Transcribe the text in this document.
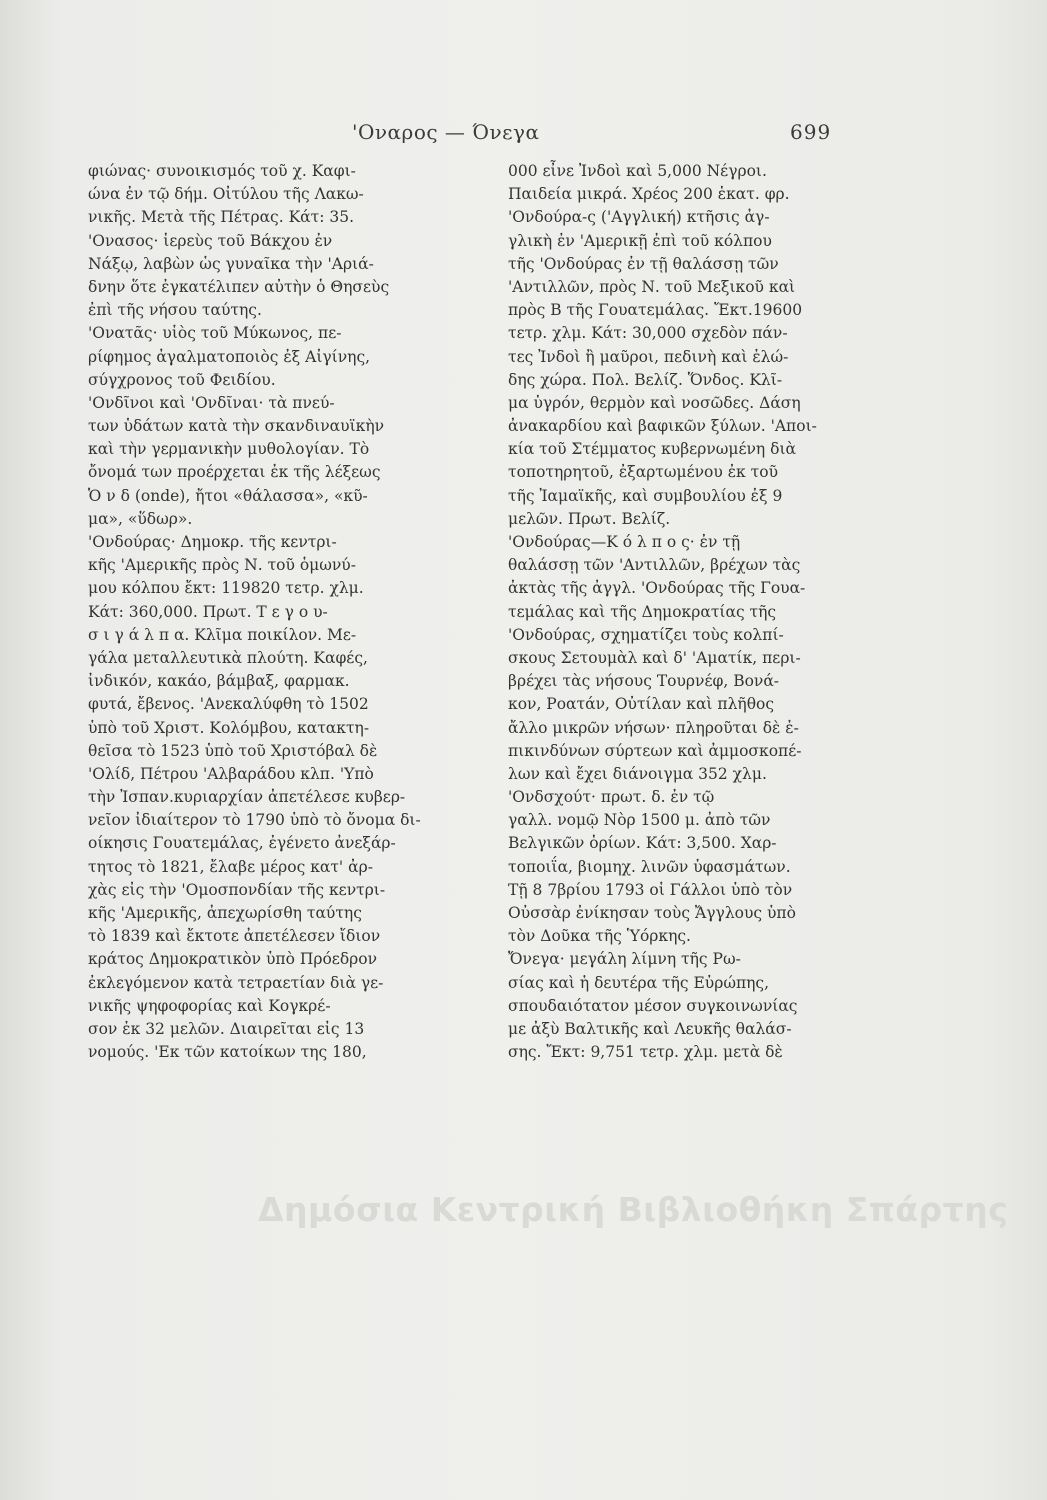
'Οναρος — Όνεγα	699
φιώνας· συνοικισμός τοῦ χ. Καφι-
ώνα ἐν τῷ δήμ. Οἰτύλου τῆς Λακω-
νικῆς. Μετὰ τῆς Πέτρας. Κάτ: 35.
'Ονασος· ἱερεὺς τοῦ Βάκχου ἐν
Νάξῳ, λαβὼν ὡς γυναῖκα τὴν 'Αριά-
δνην ὅτε ἐγκατέλιπεν αὐτὴν ὁ Θησεὺς
ἐπὶ τῆς νήσου ταύτης.
'Ονατᾶς· υἱὸς τοῦ Μύκωνος, πε-
ρίφημος ἀγαλματοποιὸς ἐξ Αἰγίνης,
σύγχρονος τοῦ Φειδίου.
'Ονδῖνοι καὶ 'Ονδῖναι· τὰ πνεύ-
των ὑδάτων κατὰ τὴν σκανδιναυϊκὴν
καὶ τὴν γερμανικὴν μυθολογίαν. Τὸ
ὄνομά των προέρχεται ἐκ τῆς λέξεως
Ὁ ν δ (onde), ἤτοι «θάλασσα», «κῦ-
μα», «ὕδωρ».
'Ονδούρας· Δημοκρ. τῆς κεντρι-
κῆς 'Αμερικῆς πρὸς Ν. τοῦ ὁμωνύ-
μου κόλπου ἔκτ: 119820 τετρ. χλμ.
Κάτ: 360,000. Πρωτ. Τ ε γ ο υ-
σ ι γ ά λ π α. Κλῖμα ποικίλον. Με-
γάλα μεταλλευτικὰ πλούτη. Καφές,
ἰνδικόν, κακάο, βάμβαξ, φαρμακ.
φυτά, ἔβενος. 'Ανεκαλύφθη τὸ 1502
ὑπὸ τοῦ Χριστ. Κολόμβου, κατακτη-
θεῖσα τὸ 1523 ὑπὸ τοῦ Χριστόβαλ δὲ
'Ολίδ, Πέτρου 'Αλβαράδου κλπ. 'Υπὸ
τὴν Ἰσπαν.κυριαρχίαν ἀπετέλεσε κυβερ-
νεῖον ἰδιαίτερον τὸ 1790 ὑπὸ τὸ ὄνομα δι-
οίκησις Γουατεμάλας, ἐγένετο ἀνεξάρ-
τητος τὸ 1821, ἔλαβε μέρος κατ' ἀρ-
χὰς εἰς τὴν 'Ομοσπονδίαν τῆς κεντρι-
κῆς 'Αμερικῆς, ἀπεχωρίσθη ταύτης
τὸ 1839 καὶ ἔκτοτε ἀπετέλεσεν ἴδιον
κράτος Δημοκρατικὸν ὑπὸ Πρόεδρον
ἐκλεγόμενον κατὰ τετραετίαν διὰ γε-
νικῆς ψηφοφορίας καὶ Κογκρέ-
σον ἐκ 32 μελῶν. Διαιρεῖται εἰς 13
νομούς. 'Εκ τῶν κατοίκων της 180,
000 εἶνε Ἰνδοὶ καὶ 5,000 Νέγροι.
Παιδεία μικρά. Χρέος 200 ἑκατ. φρ.
'Ονδούρα-ς ('Αγγλική) κτῆσις ἀγ-
γλικὴ ἐν 'Αμερικῇ ἐπὶ τοῦ κόλπου
τῆς 'Ονδούρας ἐν τῇ θαλάσσῃ τῶν
'Αντιλλῶν, πρὸς Ν. τοῦ Μεξικοῦ καὶ
πρὸς Β τῆς Γουατεμάλας. Ἔκτ.19600
τετρ. χλμ. Κάτ: 30,000 σχεδὸν πάν-
τες Ἰνδοὶ ἢ μαῦροι, πεδινὴ καὶ ἑλώ-
δης χώρα. Πολ. Βελίζ. Ὅνδος. Κλῖ-
μα ὑγρόν, θερμὸν καὶ νοσῶδες. Δάση
ἀνακαρδίου καὶ βαφικῶν ξύλων. 'Αποι-
κία τοῦ Στέμματος κυβερνωμένη διὰ
τοποτηρητοῦ, ἐξαρτωμένου ἐκ τοῦ
τῆς Ἰαμαϊκῆς, καὶ συμβουλίου ἐξ 9
μελῶν. Πρωτ. Βελίζ.
'Ονδούρας—Κ ό λ π ο ς· ἐν τῇ
θαλάσσῃ τῶν 'Αντιλλῶν, βρέχων τὰς
ἀκτὰς τῆς ἀγγλ. 'Ονδούρας τῆς Γουα-
τεμάλας καὶ τῆς Δημοκρατίας τῆς
'Ονδούρας, σχηματίζει τοὺς κολπί-
σκους Σετουμὰλ καὶ δ' 'Αματίκ, περι-
βρέχει τὰς νήσους Τουρνέφ, Βονά-
κον, Ροατάν, Οὐτίλαν καὶ πλῆθος
ἄλλο μικρῶν νήσων· πληροῦται δὲ ἐ-
πικινδύνων σύρτεων καὶ ἀμμοσκοπέ-
λων καὶ ἔχει διάνοιγμα 352 χλμ.
'Ονδσχούτ· πρωτ. δ. ἐν τῷ
γαλλ. νομῷ Νὸρ 1500 μ. ἀπὸ τῶν
Βελγικῶν ὁρίων. Κάτ: 3,500. Χαρ-
τοποιΐα, βιομηχ. λινῶν ὑφασμάτων.
Τῇ 8 7βρίου 1793 οἱ Γάλλοι ὑπὸ τὸν
Οὐσσὰρ ἐνίκησαν τοὺς Ἄγγλους ὑπὸ
τὸν Δοῦκα τῆς Ὑόρκης.
Ὄνεγα· μεγάλη λίμνη τῆς Ρω-
σίας καὶ ἡ δευτέρα τῆς Εὐρώπης,
σπουδαιότατον μέσον συγκοινωνίας
με ἀξὺ Βαλτικῆς καὶ Λευκῆς θαλάσ-
σης. Ἔκτ: 9,751 τετρ. χλμ. μετὰ δὲ
Δημόσια Κεντρική Βιβλιοθήκη Σπάρτης
